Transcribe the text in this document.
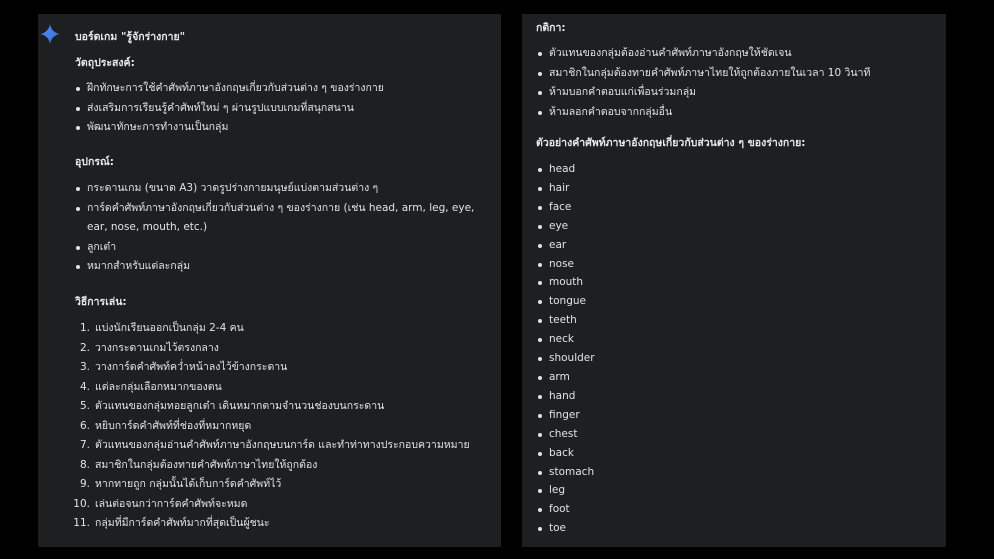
บอร์ดเกม "รู้จักร่างกาย"
วัตถุประสงค์:
ฝึกทักษะการใช้คำศัพท์ภาษาอังกฤษเกี่ยวกับส่วนต่าง ๆ ของร่างกาย
ส่งเสริมการเรียนรู้คำศัพท์ใหม่ ๆ ผ่านรูปแบบเกมที่สนุกสนาน
พัฒนาทักษะการทำงานเป็นกลุ่ม
อุปกรณ์:
กระดานเกม (ขนาด A3) วาดรูปร่างกายมนุษย์แบ่งตามส่วนต่าง ๆ
การ์ดคำศัพท์ภาษาอังกฤษเกี่ยวกับส่วนต่าง ๆ ของร่างกาย (เช่น head, arm, leg, eye, ear, nose, mouth, etc.)
ลูกเต๋า
หมากสำหรับแต่ละกลุ่ม
วิธีการเล่น:
1. แบ่งนักเรียนออกเป็นกลุ่ม 2-4 คน
2. วางกระดานเกมไว้ตรงกลาง
3. วางการ์ดคำศัพท์คว่ำหน้าลงไว้ข้างกระดาน
4. แต่ละกลุ่มเลือกหมากของตน
5. ตัวแทนของกลุ่มทอยลูกเต๋า เดินหมากตามจำนวนช่องบนกระดาน
6. หยิบการ์ดคำศัพท์ที่ช่องที่หมากหยุด
7. ตัวแทนของกลุ่มอ่านคำศัพท์ภาษาอังกฤษบนการ์ด และทำท่าทางประกอบความหมาย
8. สมาชิกในกลุ่มต้องทายคำศัพท์ภาษาไทยให้ถูกต้อง
9. หากทายถูก กลุ่มนั้นได้เก็บการ์ดคำศัพท์ไว้
10. เล่นต่อจนกว่าการ์ดคำศัพท์จะหมด
11. กลุ่มที่มีการ์ดคำศัพท์มากที่สุดเป็นผู้ชนะ
กติกา:
ตัวแทนของกลุ่มต้องอ่านคำศัพท์ภาษาอังกฤษให้ชัดเจน
สมาชิกในกลุ่มต้องทายคำศัพท์ภาษาไทยให้ถูกต้องภายในเวลา 10 วินาที
ห้ามบอกคำตอบแก่เพื่อนร่วมกลุ่ม
ห้ามลอกคำตอบจากกลุ่มอื่น
ตัวอย่างคำศัพท์ภาษาอังกฤษเกี่ยวกับส่วนต่าง ๆ ของร่างกาย:
head
hair
face
eye
ear
nose
mouth
tongue
teeth
neck
shoulder
arm
hand
finger
chest
back
stomach
leg
foot
toe
